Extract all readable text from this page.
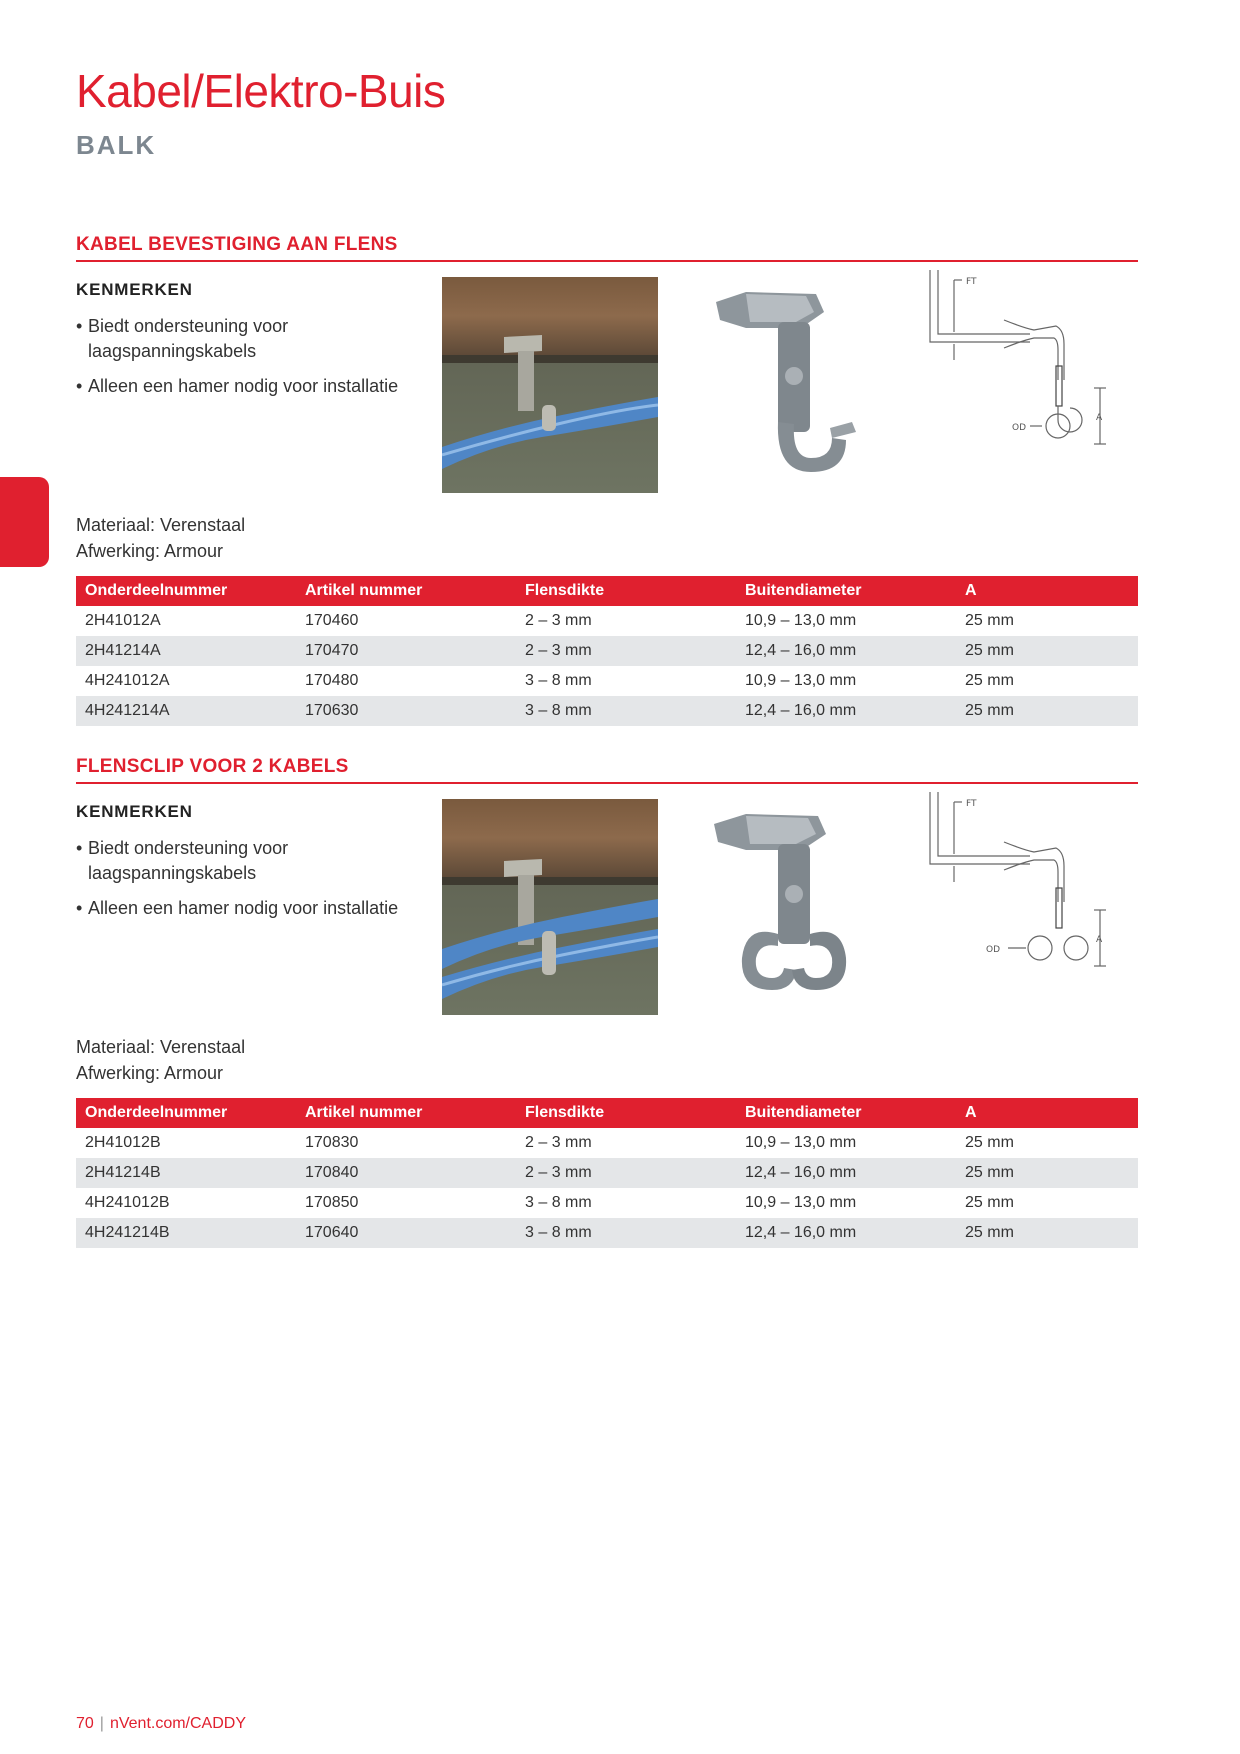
Kabel/Elektro-Buis
BALK
KABEL BEVESTIGING AAN FLENS
KENMERKEN
• Biedt ondersteuning voor laagspanningskabels
• Alleen een hamer nodig voor installatie
FT
A
OD
Materiaal: Verenstaal
Afwerking: Armour
Onderdeelnummer	Artikel nummer	Flensdikte	Buitendiameter	A
2H41012A	170460	2 – 3 mm	10,9 – 13,0 mm	25 mm
2H41214A	170470	2 – 3 mm	12,4 – 16,0 mm	25 mm
4H241012A	170480	3 – 8 mm	10,9 – 13,0 mm	25 mm
4H241214A	170630	3 – 8 mm	12,4 – 16,0 mm	25 mm
FLENSCLIP VOOR 2 KABELS
KENMERKEN
• Biedt ondersteuning voor laagspanningskabels
• Alleen een hamer nodig voor installatie
FT
A
OD
Materiaal: Verenstaal
Afwerking: Armour
Onderdeelnummer	Artikel nummer	Flensdikte	Buitendiameter	A
2H41012B	170830	2 – 3 mm	10,9 – 13,0 mm	25 mm
2H41214B	170840	2 – 3 mm	12,4 – 16,0 mm	25 mm
4H241012B	170850	3 – 8 mm	10,9 – 13,0 mm	25 mm
4H241214B	170640	3 – 8 mm	12,4 – 16,0 mm	25 mm
70 | nVent.com/CADDY
